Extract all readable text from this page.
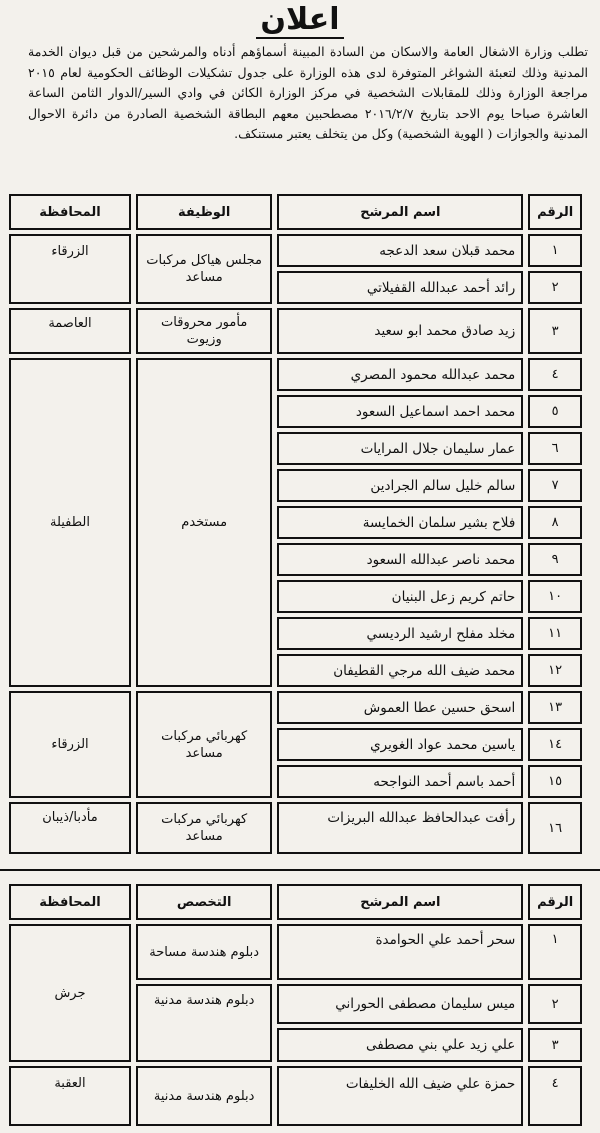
اعلان
تطلب وزارة الاشغال العامة والاسكان من السادة المبينة أسماؤهم أدناه والمرشحين من قبل ديوان الخدمة المدنية وذلك لتعبئة الشواغر المتوفرة لدى هذه الوزارة على جدول تشكيلات الوظائف الحكومية لعام ٢٠١٥ مراجعة الوزارة وذلك للمقابلات الشخصية في مركز الوزارة الكائن في وادي السير/الدوار الثامن الساعة العاشرة صباحا يوم الاحد بتاريخ ٢٠١٦/٢/٧ مصطحبين معهم البطاقة الشخصية الصادرة من دائرة الاحوال المدنية والجوازات ( الهوية الشخصية) وكل من يتخلف يعتبر مستنكف.
الرقم	اسم المرشح	الوظيفة	المحافظة
١	محمد قبلان سعد الدعجه	مجلس هياكل مركبات مساعد	الزرقاء
٢	رائد أحمد عبدالله القفيلاتي		
٣	زيد صادق محمد ابو سعيد	مأمور محروقات وزيوت	العاصمة
٤	محمد عبدالله محمود المصري	مستخدم	الطفيلة
٥	محمد احمد اسماعيل السعود		
٦	عمار سليمان جلال المرايات		
٧	سالم خليل سالم الجرادين		
٨	فلاح بشير سلمان الخمايسة		
٩	محمد ناصر عبدالله السعود		
١٠	حاتم كريم زعل البنيان		
١١	مخلد مفلح ارشيد الرديسي		
١٢	محمد ضيف الله مرجي القطيفان		
١٣	اسحق حسين عطا العموش	كهربائي مركبات مساعد	الزرقاء
١٤	ياسين محمد عواد الغويري		
١٥	أحمد باسم أحمد النواجحه		
١٦	رأفت عبدالحافظ عبدالله البريزات	كهربائي مركبات مساعد	مأدبا/ذيبان
الرقم	اسم المرشح	التخصص	المحافظة
١	سحر أحمد علي الحوامدة	دبلوم هندسة مساحة	جرش
٢	ميس سليمان مصطفى الحوراني	دبلوم هندسة مدنية	
٣	علي زيد علي بني مصطفى		
٤	حمزة علي ضيف الله الخليفات	دبلوم هندسة مدنية	العقبة
